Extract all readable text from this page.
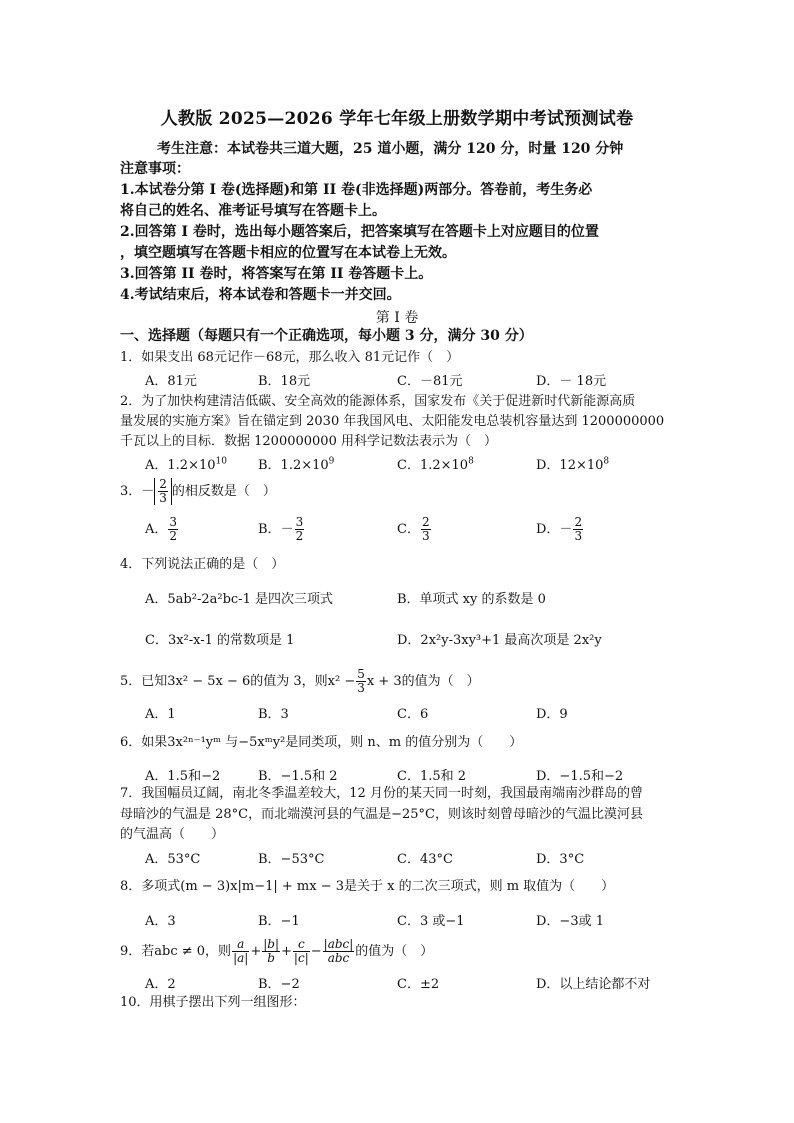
人教版 2025—2026 学年七年级上册数学期中考试预测试卷
考生注意：本试卷共三道大题，25 道小题，满分 120 分，时量 120 分钟
注意事项：
1.本试卷分第 I 卷(选择题)和第 II 卷(非选择题)两部分。答卷前，考生务必
将自己的姓名、准考证号填写在答题卡上。
2.回答第 I 卷时，选出每小题答案后，把答案填写在答题卡上对应题目的位置
，填空题填写在答题卡相应的位置写在本试卷上无效。
3.回答第 II 卷时，将答案写在第 II 卷答题卡上。
4.考试结束后，将本试卷和答题卡一并交回。
第 I 卷
一、选择题（每题只有一个正确选项，每小题 3 分，满分 30 分）
1．如果支出 68元记作－68元，那么收入 81元记作（　）
A．81元	B．18元	C．－81元	D．－ 18元
2．为了加快构建清洁低碳、安全高效的能源体系，国家发布《关于促进新时代新能源高质
量发展的实施方案》旨在锚定到 2030 年我国风电、太阳能发电总装机容量达到 1200000000
千瓦以上的目标．数据 1200000000 用科学记数法表示为（　）
A．$1.2\times 10^{10}$ B．$1.2\times 10^9$	C．$1.2\times 10^8$	D．$12\times 10^8$
3．－ $\frac{2}{3}$ 的相反数是（　）
A． $\frac{3}{2}$	B．－ $\frac{3}{2}$	C． $\frac{2}{3}$	D．－ $\frac{2}{3}$
4．下列说法正确的是（　）
A．5ab²-2a²bc-1 是四次三项式	B．单项式 xy 的系数是 0
C．3x²-x-1 的常数项是 1	D．2x²y-3xy³+1 最高次项是 2x²y
5．已知3x² − 5x − 6的值为 3，则$x^2 - \frac{5}{3}$ x + 3的值为（　）
A．1	B．3	C．6	D．9
6．如果3x²ⁿ⁻¹yᵐ 与−5xᵐy²是同类项，则 n、m 的值分别为（　　）
A．1.5和−2	B．−1.5和 2	C．1.5和 2	D．−1.5和−2
7．我国幅员辽阔，南北冬季温差较大，12 月份的某天同一时刻，我国最南端南沙群岛的曾
母暗沙的气温是 28°C，而北端漠河县的气温是−25°C，则该时刻曾母暗沙的气温比漠河县
的气温高（　　）
A．53°C	B．−53°C	C．43°C	D．3°C
8．多项式(m − 3)x|m−1| + mx − 3是关于 x 的二次三项式，则 m 取值为（　　）
A．3	B．−1	C．3 或−1	D．−3或 1
9．若abc ≠ 0，则 $\frac{a}{|a|} + \frac{|b|}{b} + \frac{c}{|c|} - \frac{\text{|abc|}}{\text{abc}}$ 的值为（　）
A．2	B．−2	C．±2	D．以上结论都不对
10．用棋子摆出下列一组图形：
